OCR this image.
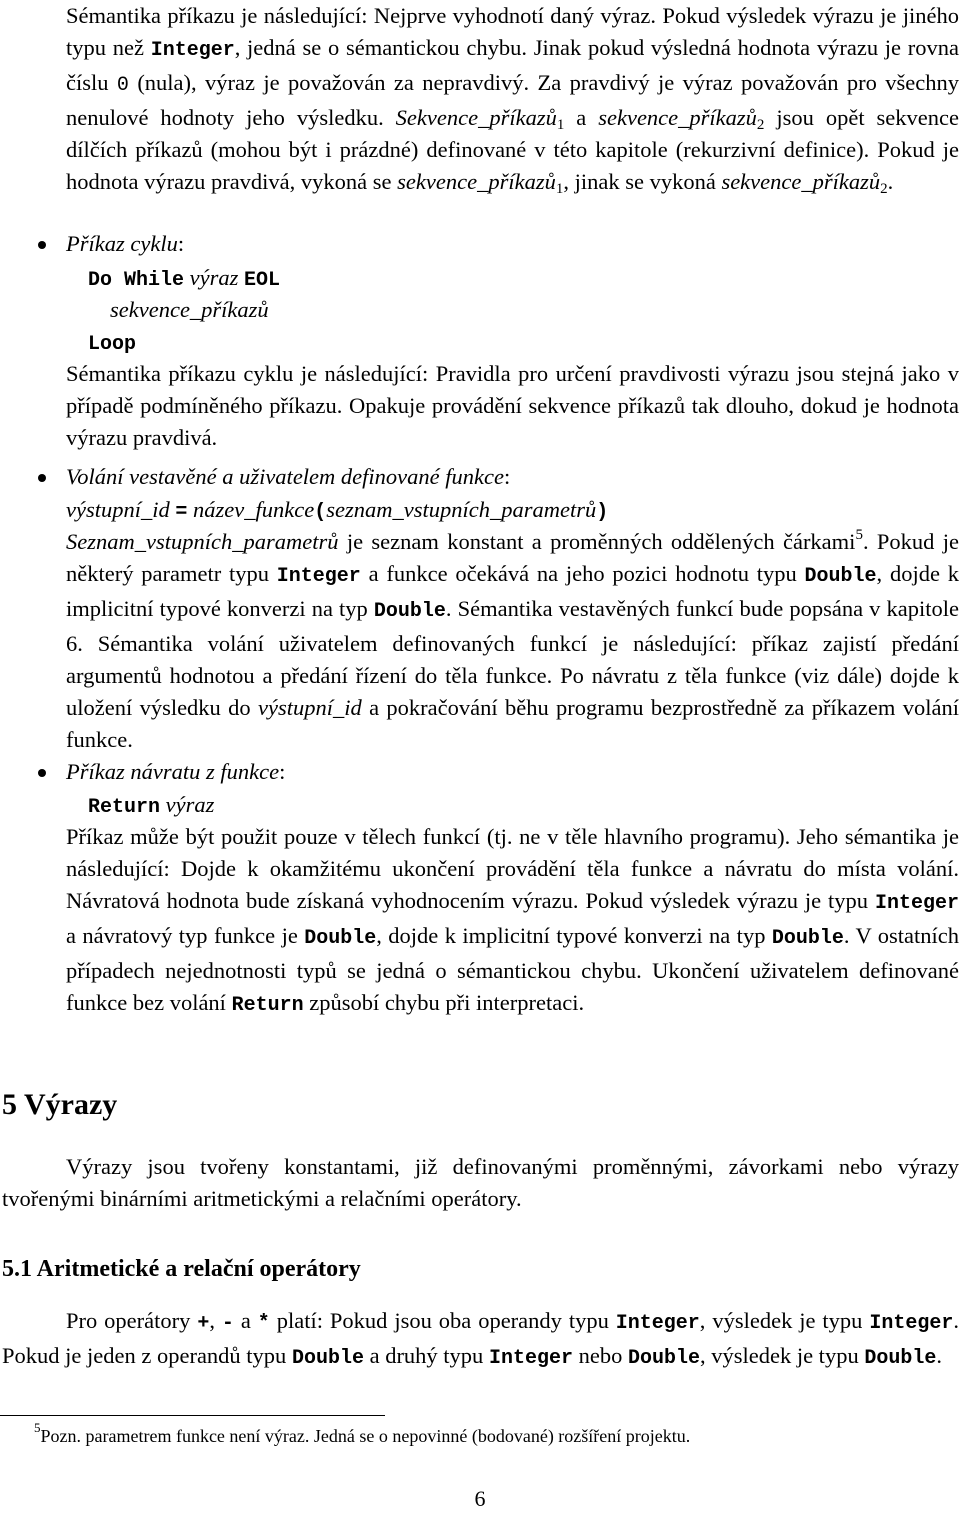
Sémantika příkazu je následující: Nejprve vyhodnotí daný výraz. Pokud výsledek výrazu je jiného typu než Integer, jedná se o sémantickou chybu. Jinak pokud výsledná hodnota výrazu je rovna číslu 0 (nula), výraz je považován za nepravdivý. Za pravdivý je výraz považován pro všechny nenulové hodnoty jeho výsledku. Sekvence_příkazů$_1$ a sekvence_příkazů$_2$ jsou opět sekvence dílčích příkazů (mohou být i prázdné) definované v této kapitole (rekurzivní definice). Pokud je hodnota výrazu pravdivá, vykoná se sekvence_příkazů$_1$, jinak se vykoná sekvence_příkazů$_2$.

Příkaz cyklu:
Do While výraz EOL
sekvence_příkazů
Loop

Sémantika příkazu cyklu je následující: Pravidla pro určení pravdivosti výrazu jsou stejná jako v případě podmíněného příkazu. Opakuje provádění sekvence příkazů tak dlouho, dokud je hodnota výrazu pravdivá.

Volání vestavěné a uživatelem definované funkce:
výstupní_id = název_funkce(seznam_vstupních_parametrů)

Seznam_vstupních_parametrů je seznam konstant a proměnných oddělených čárkami$^5$. Pokud je některý parametr typu Integer a funkce očekává na jeho pozici hodnotu typu Double, dojde k implicitní typové konverzi na typ Double. Sémantika vestavěných funkcí bude popsána v kapitole 6. Sémantika volání uživatelem definovaných funkcí je následující: příkaz zajistí předání argumentů hodnotou a předání řízení do těla funkce. Po návratu z těla funkce (viz dále) dojde k uložení výsledku do výstupní_id a pokračování běhu programu bezprostředně za příkazem volání funkce.

Příkaz návratu z funkce:
Return výraz

Příkaz může být použit pouze v tělech funkcí (tj. ne v těle hlavního programu). Jeho sémantika je následující: Dojde k okamžitému ukončení provádění těla funkce a návratu do místa volání. Návratová hodnota bude získaná vyhodnocením výrazu. Pokud výsledek výrazu je typu Integer a návratový typ funkce je Double, dojde k implicitní typové konverzi na typ Double. V ostatních případech nejednotnosti typů se jedná o sémantickou chybu. Ukončení uživatelem definované funkce bez volání Return způsobí chybu při interpretaci.

5 Výrazy

Výrazy jsou tvořeny konstantami, již definovanými proměnnými, závorkami nebo výrazy tvořenými binárními aritmetickými a relačními operátory.

5.1 Aritmetické a relační operátory

Pro operátory +, - a * platí: Pokud jsou oba operandy typu Integer, výsledek je typu Integer. Pokud je jeden z operandů typu Double a druhý typu Integer nebo Double, výsledek je typu Double.

$^5$Pozn. parametrem funkce není výraz. Jedná se o nepovinné (bodované) rozšíření projektu.
6
